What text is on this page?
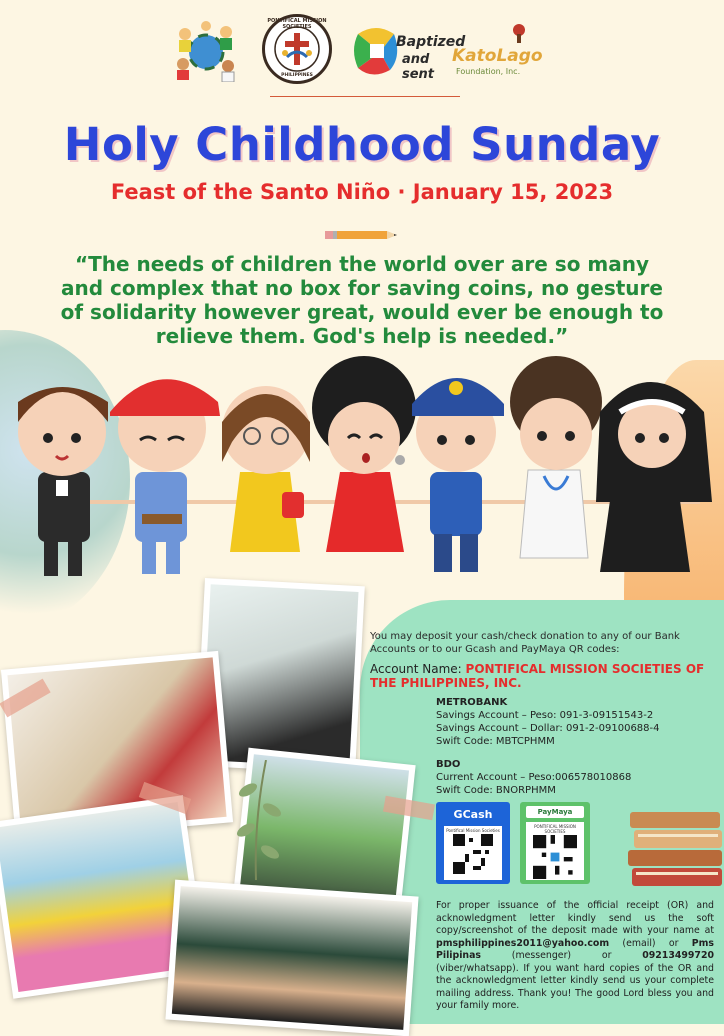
PONTIFICAL MISSION SOCIETIES
PHILIPPINES
Baptized
and sent
KatoLago
Foundation, Inc.
Holy Childhood Sunday
Feast of the Santo Niño · January 15, 2023
“The needs of children the world over are so many and complex that no box for saving coins, no gesture of solidarity however great, would ever be enough to relieve them. God's help is needed.”
You may deposit your cash/check donation to any of our Bank Accounts or to our Gcash and PayMaya QR codes:
Account Name: PONTIFICAL MISSION SOCIETIES OF THE PHILIPPINES, INC.
METROBANK
Savings Account – Peso: 091-3-09151543-2
Savings Account – Dollar: 091-2-09100688-4
Swift Code: MBTCPHMM
BDO
Current Account – Peso:006578010868
Swift Code: BNORPHMM
GCash
Pontifical Mission Societies
PayMaya
PONTIFICAL MISSION SOCIETIES
For proper issuance of the official receipt (OR) and acknowledgment letter kindly send us the soft copy/screenshot of the deposit made with your name at pmsphilippines2011@yahoo.com (email) or Pms Pilipinas (messenger) or 09213499720 (viber/whatsapp). If you want hard copies of the OR and the acknowledgment letter kindly send us your complete mailing address. Thank you! The good Lord bless you and your family more.
